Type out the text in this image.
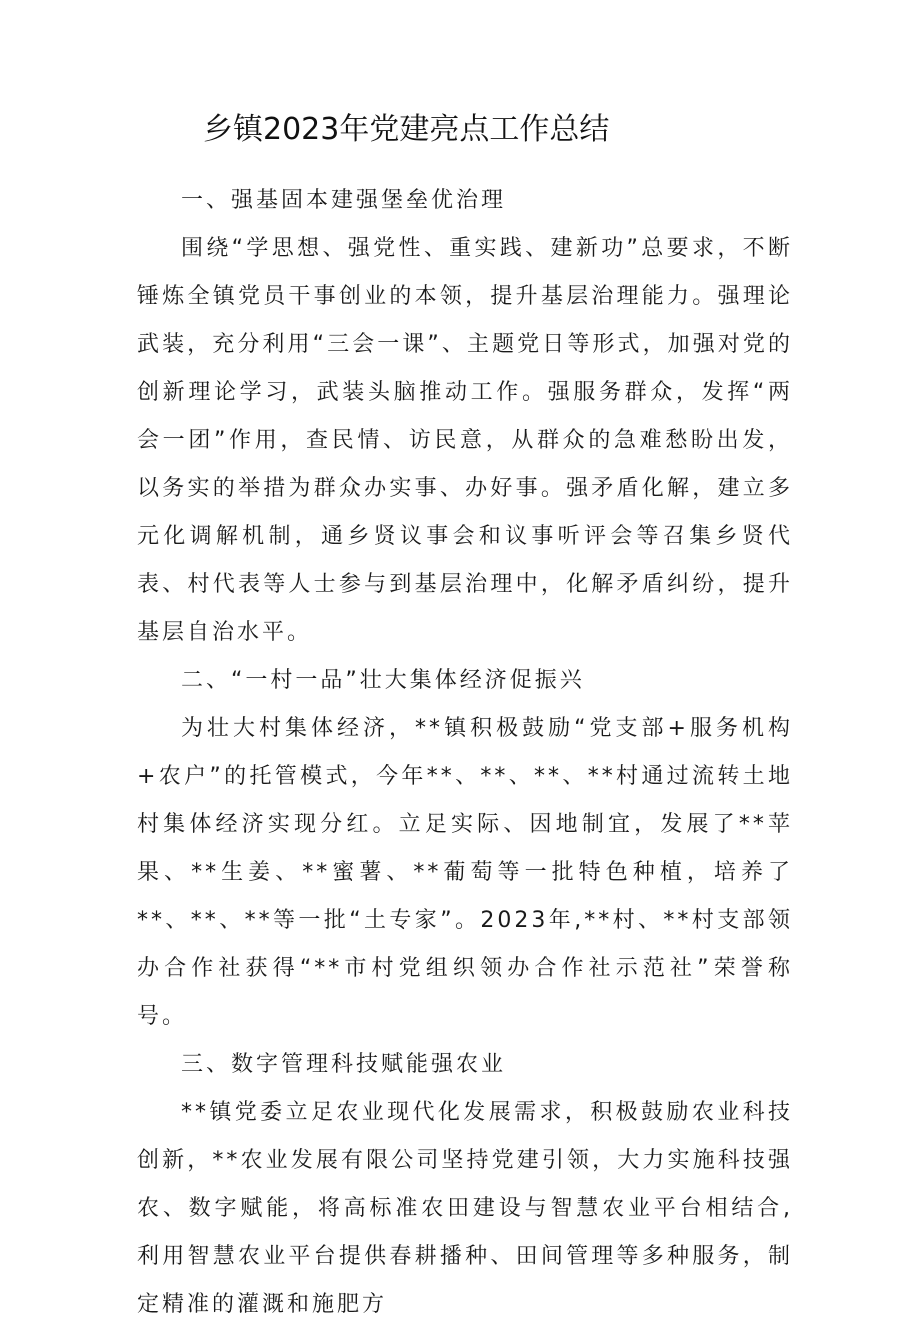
乡镇2023年党建亮点工作总结

一、强基固本建强堡垒优治理

围绕“学思想、强党性、重实践、建新功”总要求，不断锤炼全镇党员干事创业的本领，提升基层治理能力。强理论武装，充分利用“三会一课”、主题党日等形式，加强对党的创新理论学习，武装头脑推动工作。强服务群众，发挥“两会一团”作用，查民情、访民意，从群众的急难愁盼出发，以务实的举措为群众办实事、办好事。强矛盾化解，建立多元化调解机制，通乡贤议事会和议事听评会等召集乡贤代表、村代表等人士参与到基层治理中，化解矛盾纠纷，提升基层自治水平。

二、“一村一品”壮大集体经济促振兴

为壮大村集体经济，**镇积极鼓励“党支部+服务机构+农户”的托管模式，今年**、**、**、**村通过流转土地村集体经济实现分红。立足实际、因地制宜，发展了**苹果、**生姜、**蜜薯、**葡萄等一批特色种植，培养了**、**、**等一批“土专家”。2023年,**村、**村支部领办合作社获得“**市村党组织领办合作社示范社”荣誉称号。

三、数字管理科技赋能强农业

**镇党委立足农业现代化发展需求，积极鼓励农业科技创新，**农业发展有限公司坚持党建引领，大力实施科技强农、数字赋能，将高标准农田建设与智慧农业平台相结合,利用智慧农业平台提供春耕播种、田间管理等多种服务，制定精准的灌溉和施肥方
